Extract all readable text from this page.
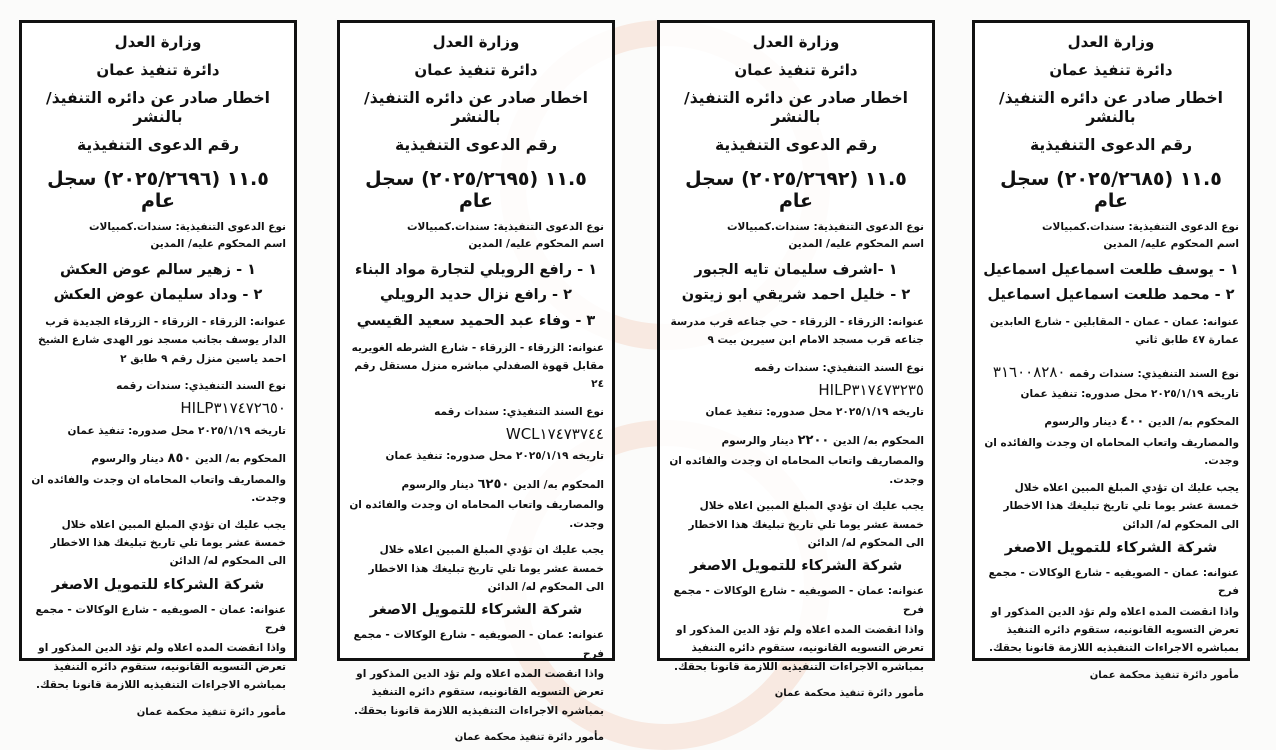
وزارة العدل
دائرة تنفيذ عمان
اخطار صادر عن دائره التنفيذ/ بالنشر
رقم الدعوى التنفيذية
١١.٥ (٢٠٢٥/٢٦٨٥) سجل عام
نوع الدعوى التنفيذية: سندات.كمبيالات
اسم المحكوم عليه/ المدين
١ - يوسف طلعت اسماعيل اسماعيل
٢ - محمد طلعت اسماعيل اسماعيل
عنوانه: عمان - عمان - المقابلين - شارع العابدين عمارة ٤٧ طابق ثاني
نوع السند التنفيذي: سندات رقمه ٣١٦٠٠٨٢٨٠
تاريخه ٢٠٢٥/١/١٩ محل صدوره: تنفيذ عمان
المحكوم به/ الدين ٤٠٠ دينار والرسوم والمصاريف واتعاب المحاماه ان وجدت والفائده ان وجدت.
يجب عليك ان تؤدي المبلغ المبين اعلاه خلال خمسة عشر يوما تلي تاريخ تبليغك هذا الاخطار الى المحكوم له/ الدائن
شركة الشركاء للتمويل الاصغر
عنوانه: عمان - الصويفيه - شارع الوكالات - مجمع فرح
واذا انقضت المده اعلاه ولم تؤد الدين المذكور او تعرض التسويه القانونيه، ستقوم دائره التنفيذ بمباشره الاجراءات التنفيذيه اللازمة قانونا بحقك.
مأمور دائرة تنفيذ محكمة عمان
وزارة العدل
دائرة تنفيذ عمان
اخطار صادر عن دائره التنفيذ/ بالنشر
رقم الدعوى التنفيذية
١١.٥ (٢٠٢٥/٢٦٩٢) سجل عام
نوع الدعوى التنفيذية: سندات.كمبيالات
اسم المحكوم عليه/ المدين
١ -اشرف سليمان تايه الجبور
٢ - خليل احمد شريقي ابو زيتون
عنوانه: الزرقاء - الزرقاء - حي جناعه قرب مدرسة جناعه قرب مسجد الامام ابن سيرين بيت ٩
نوع السند التنفيذي: سندات رقمه HILP٣١٧٤٧٣٢٣٥
تاريخه ٢٠٢٥/١/١٩ محل صدوره: تنفيذ عمان
المحكوم به/ الدين ٢٢٠٠ دينار والرسوم والمصاريف واتعاب المحاماه ان وجدت والفائده ان وجدت.
يجب عليك ان تؤدي المبلغ المبين اعلاه خلال خمسة عشر يوما تلي تاريخ تبليغك هذا الاخطار الى المحكوم له/ الدائن
شركة الشركاء للتمويل الاصغر
عنوانه: عمان - الصويفيه - شارع الوكالات - مجمع فرح
واذا انقضت المده اعلاه ولم تؤد الدين المذكور او تعرض التسويه القانونيه، ستقوم دائره التنفيذ بمباشره الاجراءات التنفيذيه اللازمة قانونا بحقك.
مأمور دائرة تنفيذ محكمة عمان
وزارة العدل
دائرة تنفيذ عمان
اخطار صادر عن دائره التنفيذ/ بالنشر
رقم الدعوى التنفيذية
١١.٥ (٢٠٢٥/٢٦٩٥) سجل عام
نوع الدعوى التنفيذية: سندات.كمبيالات
اسم المحكوم عليه/ المدين
١ - رافع الرويلي لتجارة مواد البناء
٢ - رافع نزال حديد الرويلي
٣ - وفاء عبد الحميد سعيد القيسي
عنوانه: الزرقاء - الزرقاء - شارع الشرطه الغويريه مقابل قهوة الصفدلي مباشره منزل مستقل رقم ٢٤
نوع السند التنفيذي: سندات رقمه WCL١٧٤٧٣٧٤٤
تاريخه ٢٠٢٥/١/١٩ محل صدوره: تنفيذ عمان
المحكوم به/ الدين ٦٢٥٠ دينار والرسوم والمصاريف واتعاب المحاماه ان وجدت والفائده ان وجدت.
يجب عليك ان تؤدي المبلغ المبين اعلاه خلال خمسة عشر يوما تلي تاريخ تبليغك هذا الاخطار الى المحكوم له/ الدائن
شركة الشركاء للتمويل الاصغر
عنوانه: عمان - الصويفيه - شارع الوكالات - مجمع فرح
واذا انقضت المده اعلاه ولم تؤد الدين المذكور او تعرض التسويه القانونيه، ستقوم دائره التنفيذ بمباشره الاجراءات التنفيذيه اللازمة قانونا بحقك.
مأمور دائرة تنفيذ محكمة عمان
وزارة العدل
دائرة تنفيذ عمان
اخطار صادر عن دائره التنفيذ/ بالنشر
رقم الدعوى التنفيذية
١١.٥ (٢٠٢٥/٢٦٩٦) سجل عام
نوع الدعوى التنفيذية: سندات.كمبيالات
اسم المحكوم عليه/ المدين
١ - زهير سالم عوض العكش
٢ - وداد سليمان عوض العكش
عنوانه: الزرقاء - الزرقاء - الزرقاء الجديدة قرب الدار يوسف بجانب مسجد نور الهدى شارع الشيخ احمد ياسين منزل رقم ٩ طابق ٢
نوع السند التنفيذي: سندات رقمه HILP٣١٧٤٧٢٦٥٠
تاريخه ٢٠٢٥/١/١٩ محل صدوره: تنفيذ عمان
المحكوم به/ الدين ٨٥٠ دينار والرسوم والمصاريف واتعاب المحاماه ان وجدت والفائده ان وجدت.
يجب عليك ان تؤدي المبلغ المبين اعلاه خلال خمسة عشر يوما تلي تاريخ تبليغك هذا الاخطار الى المحكوم له/ الدائن
شركة الشركاء للتمويل الاصغر
عنوانه: عمان - الصويفيه - شارع الوكالات - مجمع فرح
واذا انقضت المده اعلاه ولم تؤد الدين المذكور او تعرض التسويه القانونيه، ستقوم دائره التنفيذ بمباشره الاجراءات التنفيذيه اللازمة قانونا بحقك.
مأمور دائرة تنفيذ محكمة عمان
